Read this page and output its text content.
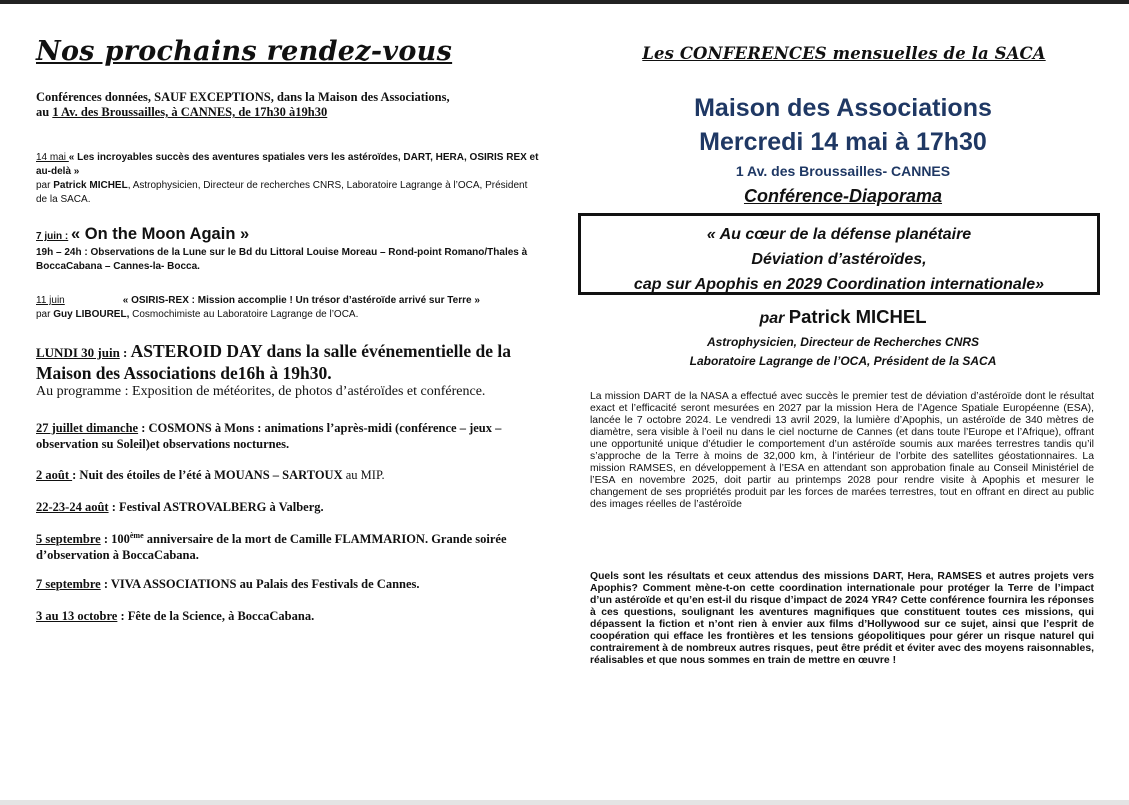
Nos prochains rendez-vous
Conférences données, SAUF EXCEPTIONS, dans la Maison des Associations,
au 1 Av. des Broussailles, à CANNES, de 17h30 à19h30
14 mai « Les incroyables succès des aventures spatiales vers les astéroïdes, DART, HERA, OSIRIS REX et au-delà »
par Patrick MICHEL, Astrophysicien, Directeur de recherches CNRS, Laboratoire Lagrange à l’OCA, Président de la SACA.
7 juin : « On the Moon Again »
19h – 24h : Observations de la Lune sur le Bd du Littoral Louise Moreau – Rond-point Romano/Thales à BoccaCabana – Cannes-la- Bocca.
11 juin	« OSIRIS-REX : Mission accomplie ! Un trésor d’astéroïde arrivé sur Terre »
par Guy LIBOUREL, Cosmochimiste au Laboratoire Lagrange de l’OCA.
LUNDI 30 juin : ASTEROID DAY dans la salle événementielle de la Maison des Associations de16h à 19h30.
Au programme : Exposition de météorites, de photos d’astéroïdes et conférence.
27 juillet dimanche : COSMONS à Mons : animations l’après-midi (conférence – jeux – observation su Soleil)et observations nocturnes.
2 août : Nuit des étoiles de l’été à MOUANS – SARTOUX au MIP.
22-23-24 août : Festival ASTROVALBERG à Valberg.
5 septembre : 100ème anniversaire de la mort de Camille FLAMMARION. Grande soirée d’observation à BoccaCabana.
7 septembre : VIVA ASSOCIATIONS au Palais des Festivals de Cannes.
3 au 13 octobre : Fête de la Science, à BoccaCabana.
Les CONFERENCES mensuelles de la SACA
Maison des Associations
Mercredi 14 mai à 17h30
1 Av. des Broussailles- CANNES
Conférence-Diaporama
« Au cœur de la défense planétaire
Déviation d’astéroïdes,
cap sur Apophis en 2029 Coordination internationale»
par Patrick MICHEL
Astrophysicien, Directeur de Recherches CNRS
Laboratoire Lagrange de l’OCA, Président de la SACA
La mission DART de la NASA a effectué avec succès le premier test de déviation d’astéroïde dont le résultat exact et l’efficacité seront mesurées en 2027 par la mission Hera de l’Agence Spatiale Européenne (ESA), lancée le 7 octobre 2024. Le vendredi 13 avril 2029, la lumière d’Apophis, un astéroïde de 340 mètres de diamètre, sera visible à l’oeil nu dans le ciel nocturne de Cannes (et dans toute l’Europe et l’Afrique), offrant une opportunité unique d’étudier le comportement d’un astéroïde soumis aux marées terrestres tandis qu’il s’approche de la Terre à moins de 32,000 km, à l’intérieur de l’orbite des satellites géostationnaires. La mission RAMSES, en développement à l’ESA en attendant son approbation finale au Conseil Ministériel de l’ESA en novembre 2025, doit partir au printemps 2028 pour rendre visite à Apophis et mesurer le changement de ses propriétés produit par les forces de marées terrestres, tout en offrant en direct au public des images réelles de l’astéroïde
Quels sont les résultats et ceux attendus des missions DART, Hera, RAMSES et autres projets vers Apophis? Comment mène-t-on cette coordination internationale pour protéger la Terre de l’impact d’un astéroïde et qu’en est-il du risque d’impact de 2024 YR4? Cette conférence fournira les réponses à ces questions, soulignant les aventures magnifiques que constituent toutes ces missions, qui dépassent la fiction et n’ont rien à envier aux films d’Hollywood sur ce sujet, ainsi que l’esprit de coopération qui efface les frontières et les tensions géopolitiques pour gérer un risque naturel qui contrairement à de nombreux autres risques, peut être prédit et éviter avec des moyens raisonnables, réalisables et que nous sommes en train de mettre en œuvre !
